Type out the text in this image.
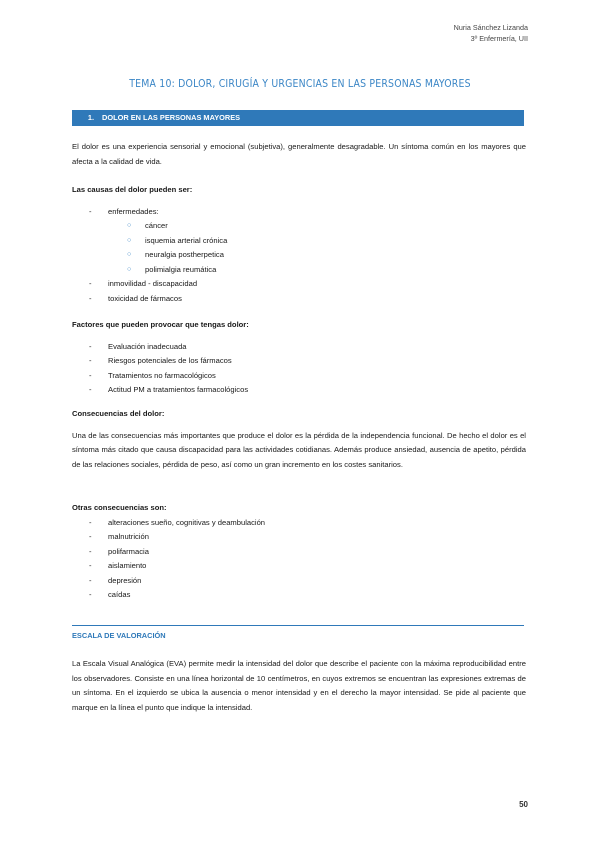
Nuria Sánchez Lizanda
3º Enfermería, UII
TEMA 10: DOLOR, CIRUGÍA Y URGENCIAS EN LAS PERSONAS MAYORES
1. DOLOR EN LAS PERSONAS MAYORES
El dolor es una experiencia sensorial y emocional (subjetiva), generalmente desagradable. Un síntoma común en los mayores que afecta a la calidad de vida.
Las causas del dolor pueden ser:
- enfermedades:
○ cáncer
○ isquemia arterial crónica
○ neuralgia postherpetica
○ polimialgia reumática
- inmovilidad - discapacidad
- toxicidad de fármacos
Factores que pueden provocar que tengas dolor:
- Evaluación inadecuada
- Riesgos potenciales de los fármacos
- Tratamientos no farmacológicos
- Actitud PM a tratamientos farmacológicos
Consecuencias del dolor:
Una de las consecuencias más importantes que produce el dolor es la pérdida de la independencia funcional. De hecho el dolor es el síntoma más citado que causa discapacidad para las actividades cotidianas. Además produce ansiedad, ausencia de apetito, pérdida de las relaciones sociales, pérdida de peso, así como un gran incremento en los costes sanitarios.
Otras consecuencias son:
- alteraciones sueño, cognitivas y deambulación
- malnutrición
- polifarmacia
- aislamiento
- depresión
- caídas
ESCALA DE VALORACIÓN
La Escala Visual Analógica (EVA) permite medir la intensidad del dolor que describe el paciente con la máxima reproducibilidad entre los observadores. Consiste en una línea horizontal de 10 centímetros, en cuyos extremos se encuentran las expresiones extremas de un síntoma. En el izquierdo se ubica la ausencia o menor intensidad y en el derecho la mayor intensidad. Se pide al paciente que marque en la línea el punto que indique la intensidad.
50
